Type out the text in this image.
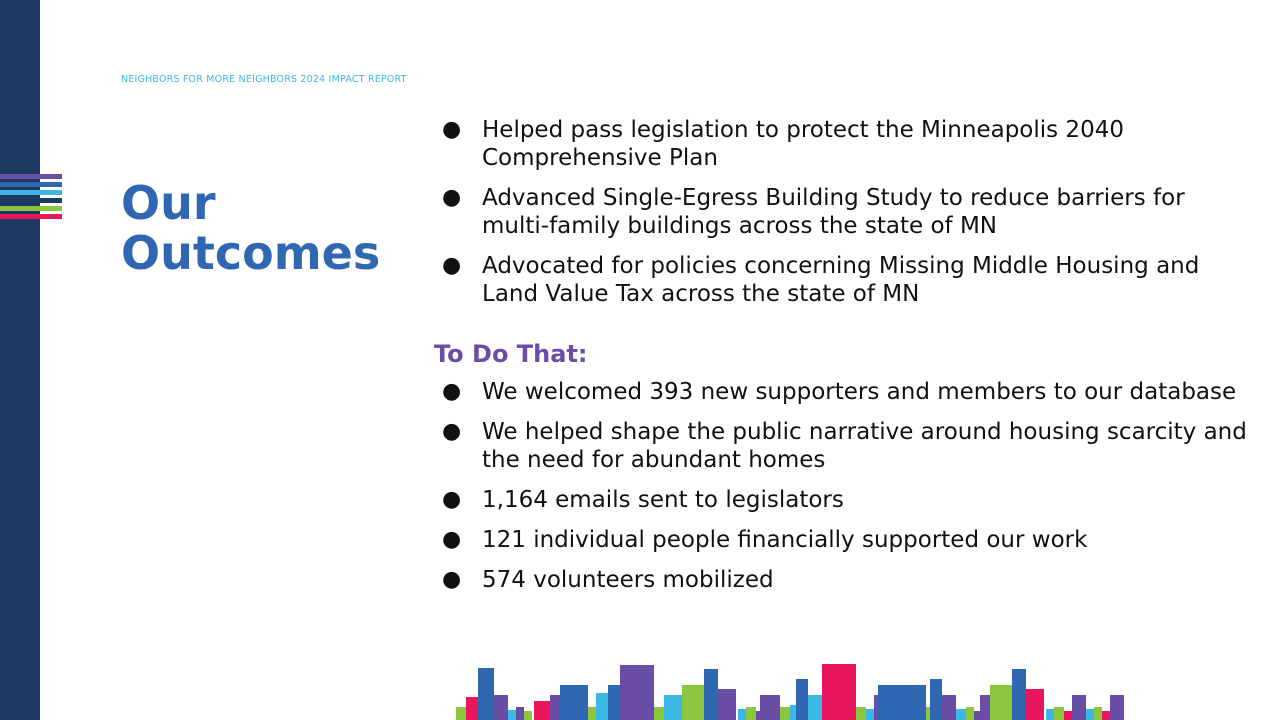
NEIGHBORS FOR MORE NEIGHBORS 2024 IMPACT REPORT
Our
Outcomes
● Helped pass legislation to protect the Minneapolis 2040 Comprehensive Plan
● Advanced Single-Egress Building Study to reduce barriers for multi-family buildings across the state of MN
● Advocated for policies concerning Missing Middle Housing and Land Value Tax across the state of MN
To Do That:
● We welcomed 393 new supporters and members to our database
● We helped shape the public narrative around housing scarcity and the need for abundant homes
● 1,164 emails sent to legislators
● 121 individual people financially supported our work
● 574 volunteers mobilized
